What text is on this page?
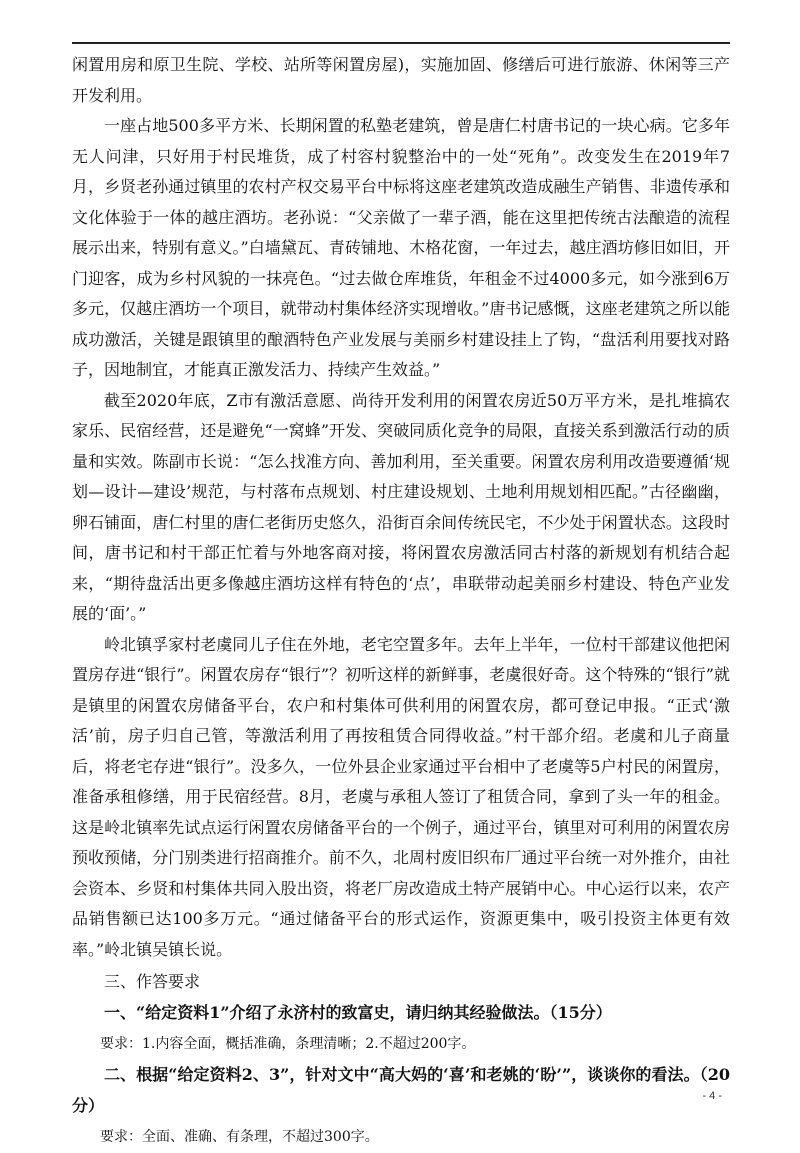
闲置用房和原卫生院、学校、站所等闲置房屋)，实施加固、修缮后可进行旅游、休闲等三产开发利用。

一座占地500多平方米、长期闲置的私塾老建筑，曾是唐仁村唐书记的一块心病。它多年无人问津，只好用于村民堆货，成了村容村貌整治中的一处“死角”。改变发生在2019年7月，乡贤老孙通过镇里的农村产权交易平台中标将这座老建筑改造成融生产销售、非遗传承和文化体验于一体的越庄酒坊。老孙说：“父亲做了一辈子酒，能在这里把传统古法酿造的流程展示出来，特别有意义。”白墙黛瓦、青砖铺地、木格花窗，一年过去，越庄酒坊修旧如旧，开门迎客，成为乡村风貌的一抹亮色。“过去做仓库堆货，年租金不过4000多元，如今涨到6万多元，仅越庄酒坊一个项目，就带动村集体经济实现增收。”唐书记感慨，这座老建筑之所以能成功激活，关键是跟镇里的酿酒特色产业发展与美丽乡村建设挂上了钩，“盘活利用要找对路子，因地制宜，才能真正激发活力、持续产生效益。”

截至2020年底，Z市有激活意愿、尚待开发利用的闲置农房近50万平方米，是扎堆搞农家乐、民宿经营，还是避免“一窝蜂”开发、突破同质化竞争的局限，直接关系到激活行动的质量和实效。陈副市长说：“怎么找准方向、善加利用，至关重要。闲置农房利用改造要遵循‘规划—设计—建设’规范，与村落布点规划、村庄建设规划、土地利用规划相匹配。”古径幽幽，卵石铺面，唐仁村里的唐仁老街历史悠久，沿街百余间传统民宅，不少处于闲置状态。这段时间，唐书记和村干部正忙着与外地客商对接，将闲置农房激活同古村落的新规划有机结合起来，“期待盘活出更多像越庄酒坊这样有特色的‘点’，串联带动起美丽乡村建设、特色产业发展的‘面’。”

岭北镇孚家村老虞同儿子住在外地，老宅空置多年。去年上半年，一位村干部建议他把闲置房存进“银行”。闲置农房存“银行”？初听这样的新鲜事，老虞很好奇。这个特殊的“银行”就是镇里的闲置农房储备平台，农户和村集体可供利用的闲置农房，都可登记申报。“正式‘激活’前，房子归自己管，等激活利用了再按租赁合同得收益。”村干部介绍。老虞和儿子商量后，将老宅存进“银行”。没多久，一位外县企业家通过平台相中了老虞等5户村民的闲置房，准备承租修缮，用于民宿经营。8月，老虞与承租人签订了租赁合同，拿到了头一年的租金。这是岭北镇率先试点运行闲置农房储备平台的一个例子，通过平台，镇里对可利用的闲置农房预收预储，分门别类进行招商推介。前不久，北周村废旧织布厂通过平台统一对外推介，由社会资本、乡贤和村集体共同入股出资，将老厂房改造成土特产展销中心。中心运行以来，农产品销售额已达100多万元。“通过储备平台的形式运作，资源更集中，吸引投资主体更有效率。”岭北镇吴镇长说。

三、作答要求

一、“给定资料1”介绍了永济村的致富史，请归纳其经验做法。（15分）

要求：1.内容全面，概括准确，条理清晰；2.不超过200字。

二、根据“给定资料2、3”，针对文中“高大妈的‘喜’和老姚的‘盼’”，谈谈你的看法。（20分）

要求：全面、准确、有条理，不超过300字。

- 4 -
